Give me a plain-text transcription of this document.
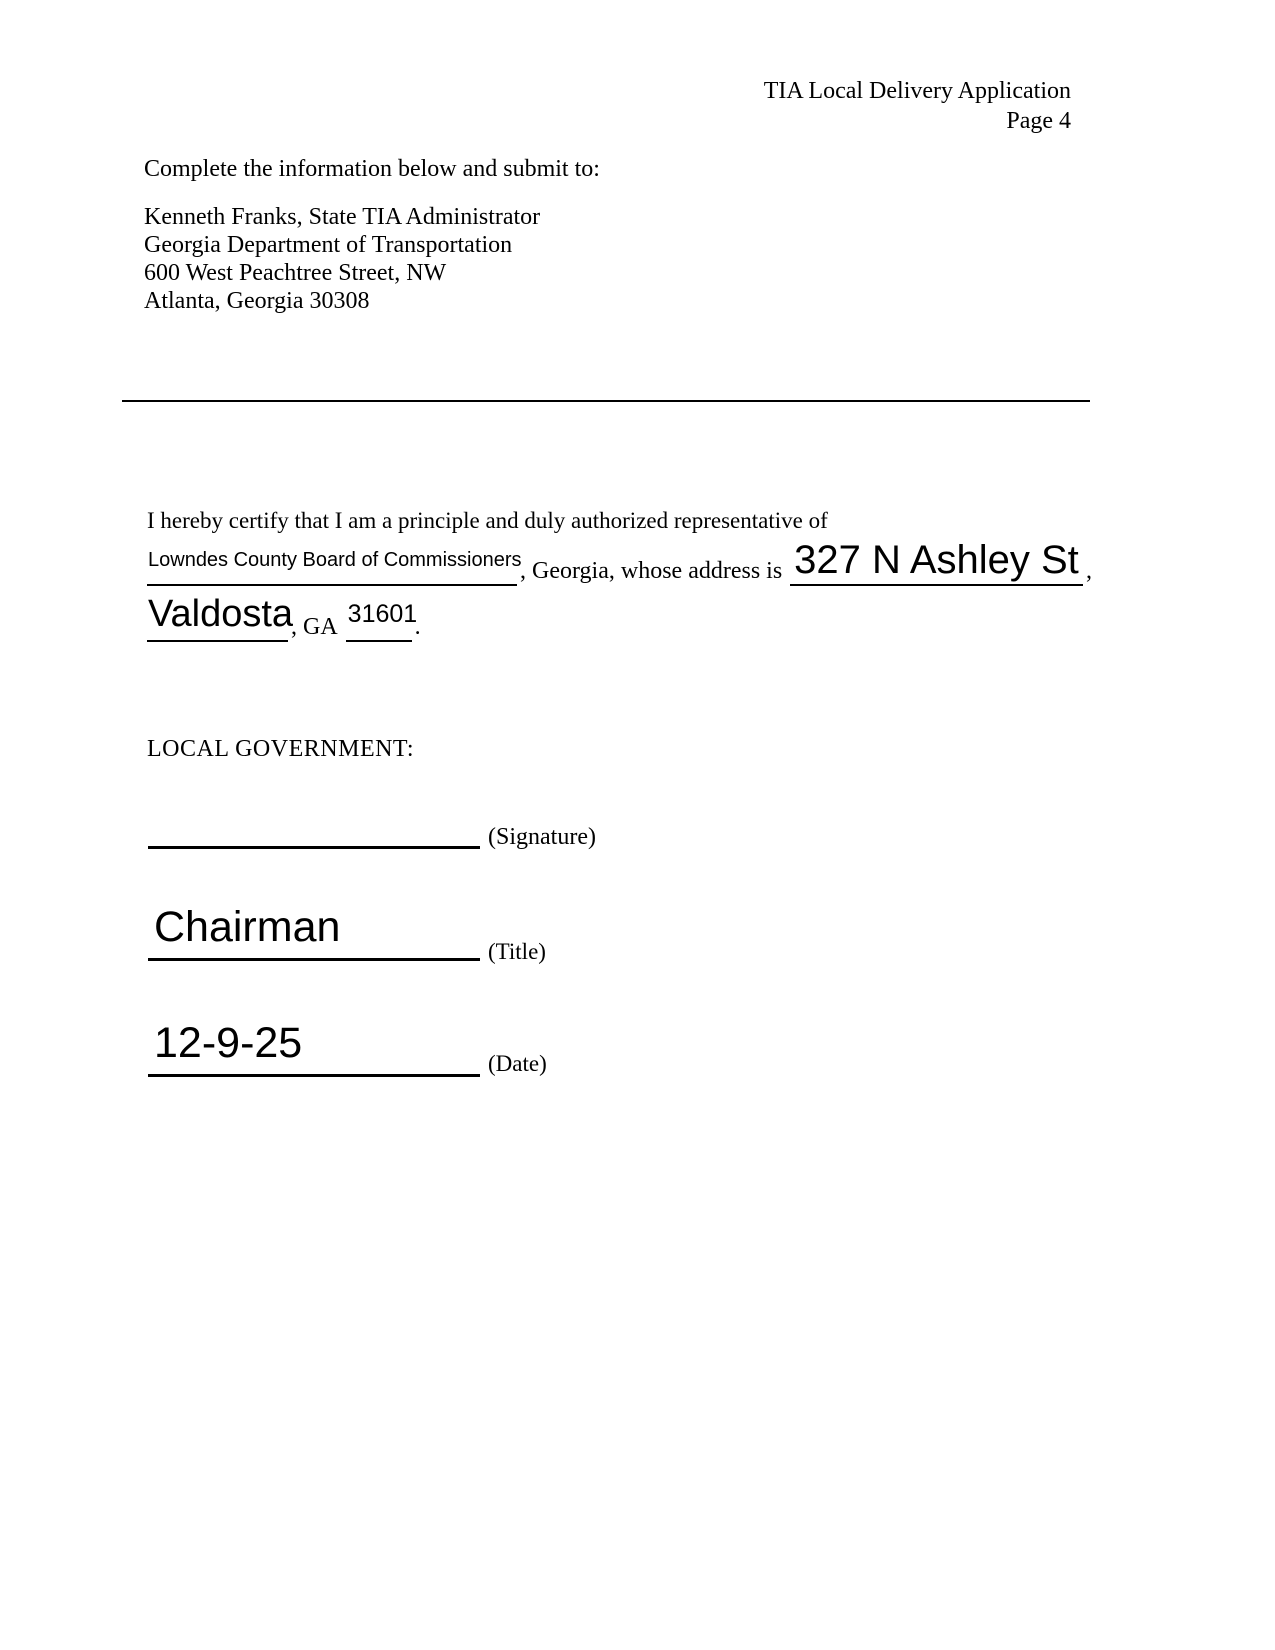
TIA Local Delivery Application
Page 4
Complete the information below and submit to:
Kenneth Franks, State TIA Administrator
Georgia Department of Transportation
600 West Peachtree Street, NW
Atlanta, Georgia 30308
I hereby certify that I am a principle and duly authorized representative of
Lowndes County Board of Commissioners
, Georgia, whose address is 327 N Ashley St ,
Valdosta
, GA 31601
.
LOCAL GOVERNMENT:
(Signature)
Chairman
(Title)
12-9-25	(Date)
